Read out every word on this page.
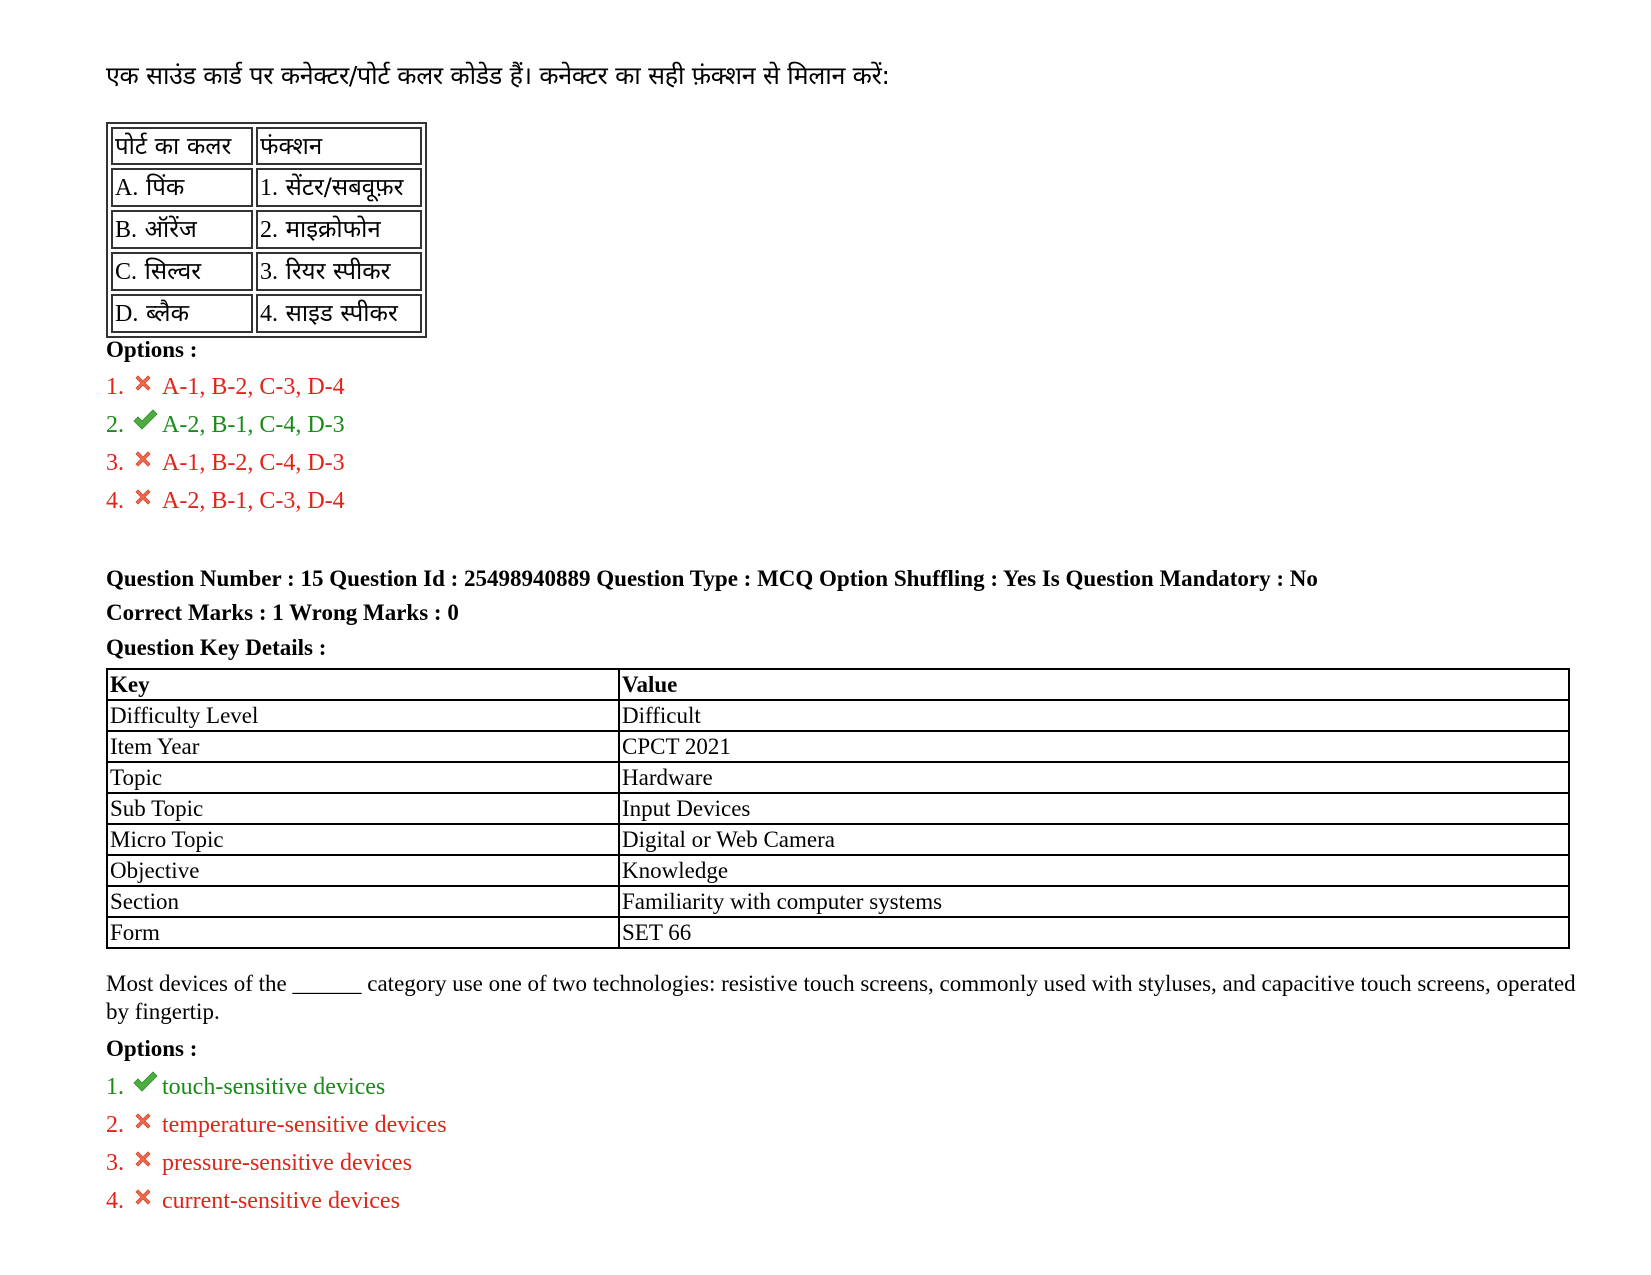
एक साउंड कार्ड पर कनेक्टर/पोर्ट कलर कोडेड हैं। कनेक्टर का सही फ़ंक्शन से मिलान करें:
पोर्ट का कलर	फंक्शन
A. पिंक	1. सेंटर/सबवूफ़र
B. ऑरेंज	2. माइक्रोफोन
C. सिल्वर	3. रियर स्पीकर
D. ब्लैक	4. साइड स्पीकर
Options :
1.	A-1, B-2, C-3, D-4
2.	A-2, B-1, C-4, D-3
3.	A-1, B-2, C-4, D-3
4.	A-2, B-1, C-3, D-4
Question Number : 15 Question Id : 25498940889 Question Type : MCQ Option Shuffling : Yes Is Question Mandatory : No
Correct Marks : 1 Wrong Marks : 0
Question Key Details :
Key	Value
Difficulty Level	Difficult
Item Year	CPCT 2021
Topic	Hardware
Sub Topic	Input Devices
Micro Topic	Digital or Web Camera
Objective	Knowledge
Section	Familiarity with computer systems
Form	SET 66
Most devices of the ______ category use one of two technologies: resistive touch screens, commonly used with styluses, and capacitive touch screens, operated by fingertip.
Options :
1.	touch-sensitive devices
2.	temperature-sensitive devices
3.	pressure-sensitive devices
4.	current-sensitive devices
